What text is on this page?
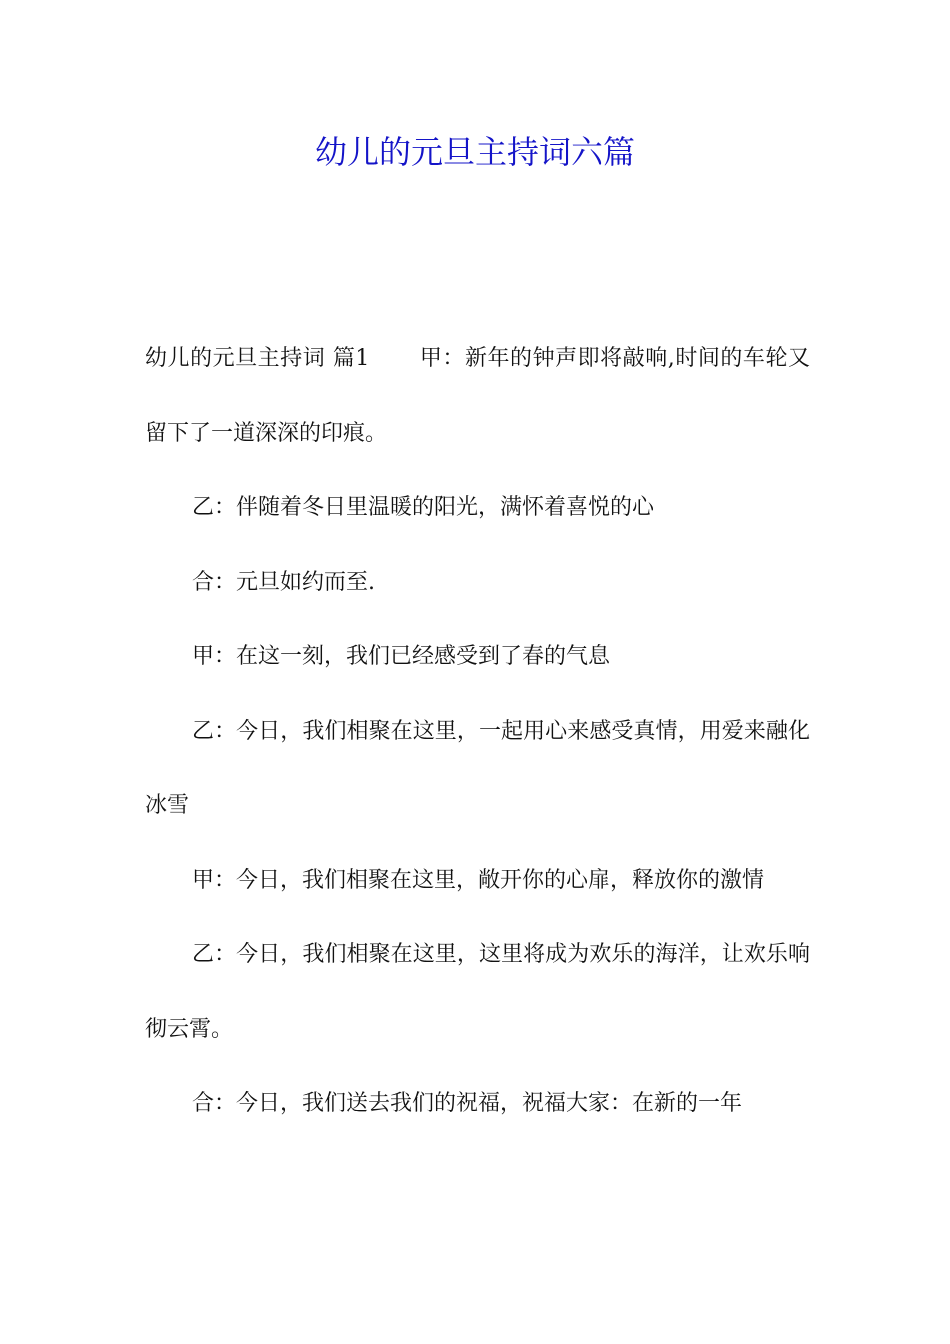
幼儿的元旦主持词六篇

幼儿的元旦主持词 篇1 甲：新年的钟声即将敲响,时间的车轮又留下了一道深深的印痕。

乙：伴随着冬日里温暖的阳光，满怀着喜悦的心

合：元旦如约而至.

甲：在这一刻，我们已经感受到了春的气息

乙：今日，我们相聚在这里，一起用心来感受真情，用爱来融化冰雪

甲：今日，我们相聚在这里，敞开你的心扉，释放你的激情

乙：今日，我们相聚在这里，这里将成为欢乐的海洋，让欢乐响彻云霄。

合：今日，我们送去我们的祝福，祝福大家：在新的一年
